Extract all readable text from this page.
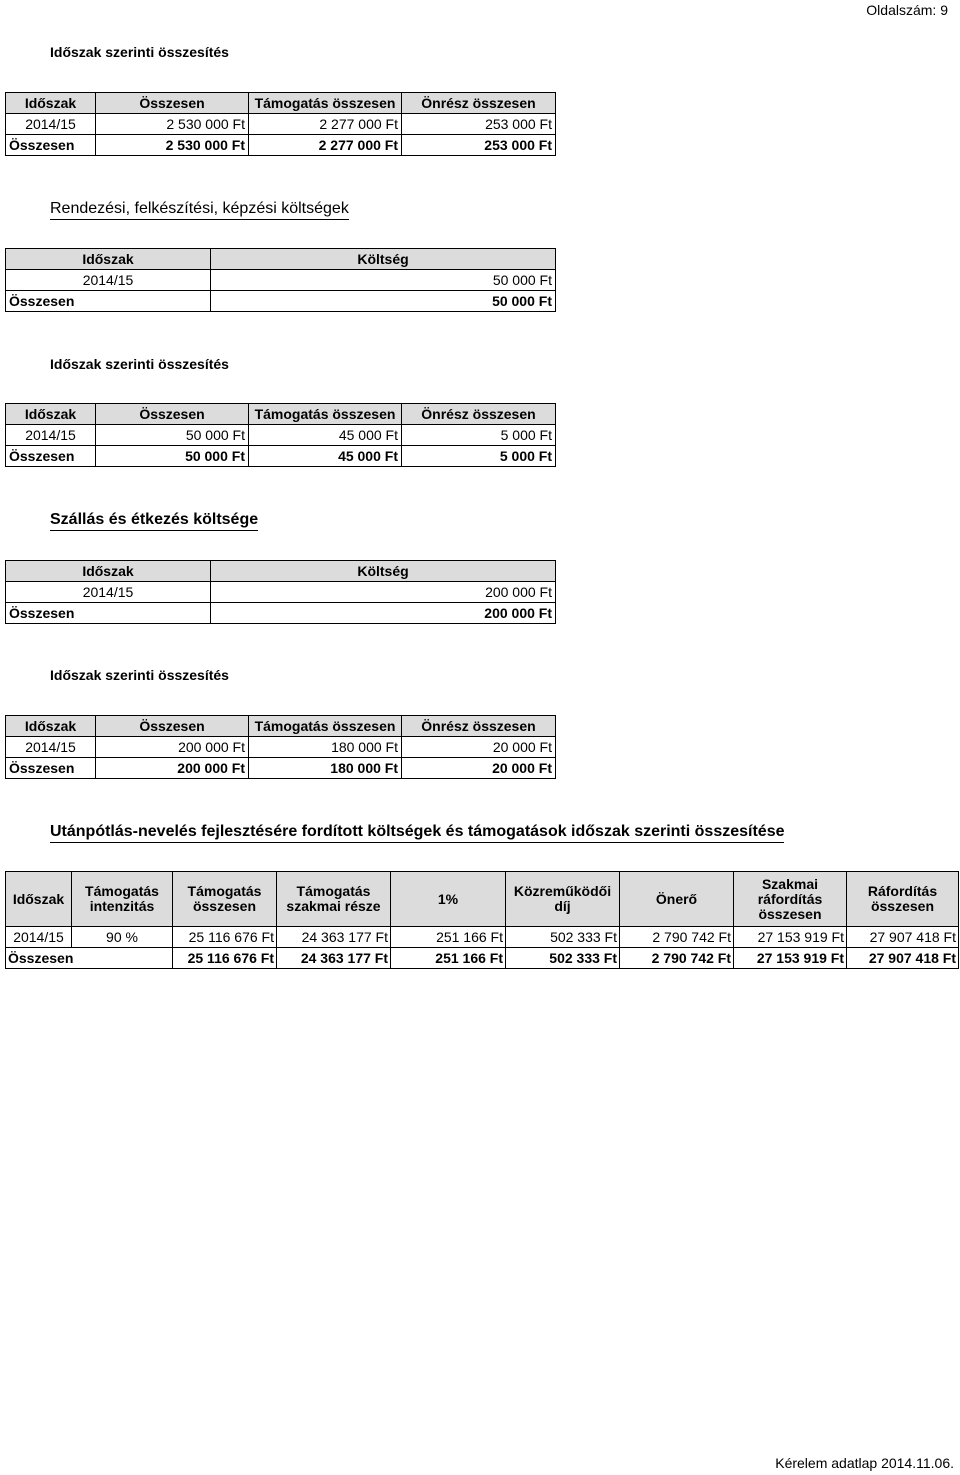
Oldalszám: 9
Időszak szerinti összesítés
Időszak	Összesen	Támogatás összesen	Önrész összesen
2014/15	2 530 000 Ft	2 277 000 Ft	253 000 Ft
Összesen	2 530 000 Ft	2 277 000 Ft	253 000 Ft
Rendezési, felkészítési, képzési költségek
Időszak	Költség
2014/15	50 000 Ft
Összesen	50 000 Ft
Időszak szerinti összesítés
Időszak	Összesen	Támogatás összesen	Önrész összesen
2014/15	50 000 Ft	45 000 Ft	5 000 Ft
Összesen	50 000 Ft	45 000 Ft	5 000 Ft
Szállás és étkezés költsége
Időszak	Költség
2014/15	200 000 Ft
Összesen	200 000 Ft
Időszak szerinti összesítés
Időszak	Összesen	Támogatás összesen	Önrész összesen
2014/15	200 000 Ft	180 000 Ft	20 000 Ft
Összesen	200 000 Ft	180 000 Ft	20 000 Ft
Utánpótlás-nevelés fejlesztésére fordított költségek és támogatások időszak szerinti összesítése
Időszak	Támogatás intenzitás	Támogatás összesen	Támogatás szakmai része	1%	Közreműködői díj	Önerő	Szakmai ráfordítás összesen	Ráfordítás összesen
2014/15	90 %	25 116 676 Ft	24 363 177 Ft	251 166 Ft	502 333 Ft	2 790 742 Ft	27 153 919 Ft	27 907 418 Ft
Összesen		25 116 676 Ft	24 363 177 Ft	251 166 Ft	502 333 Ft	2 790 742 Ft	27 153 919 Ft	27 907 418 Ft
Kérelem adatlap 2014.11.06.
